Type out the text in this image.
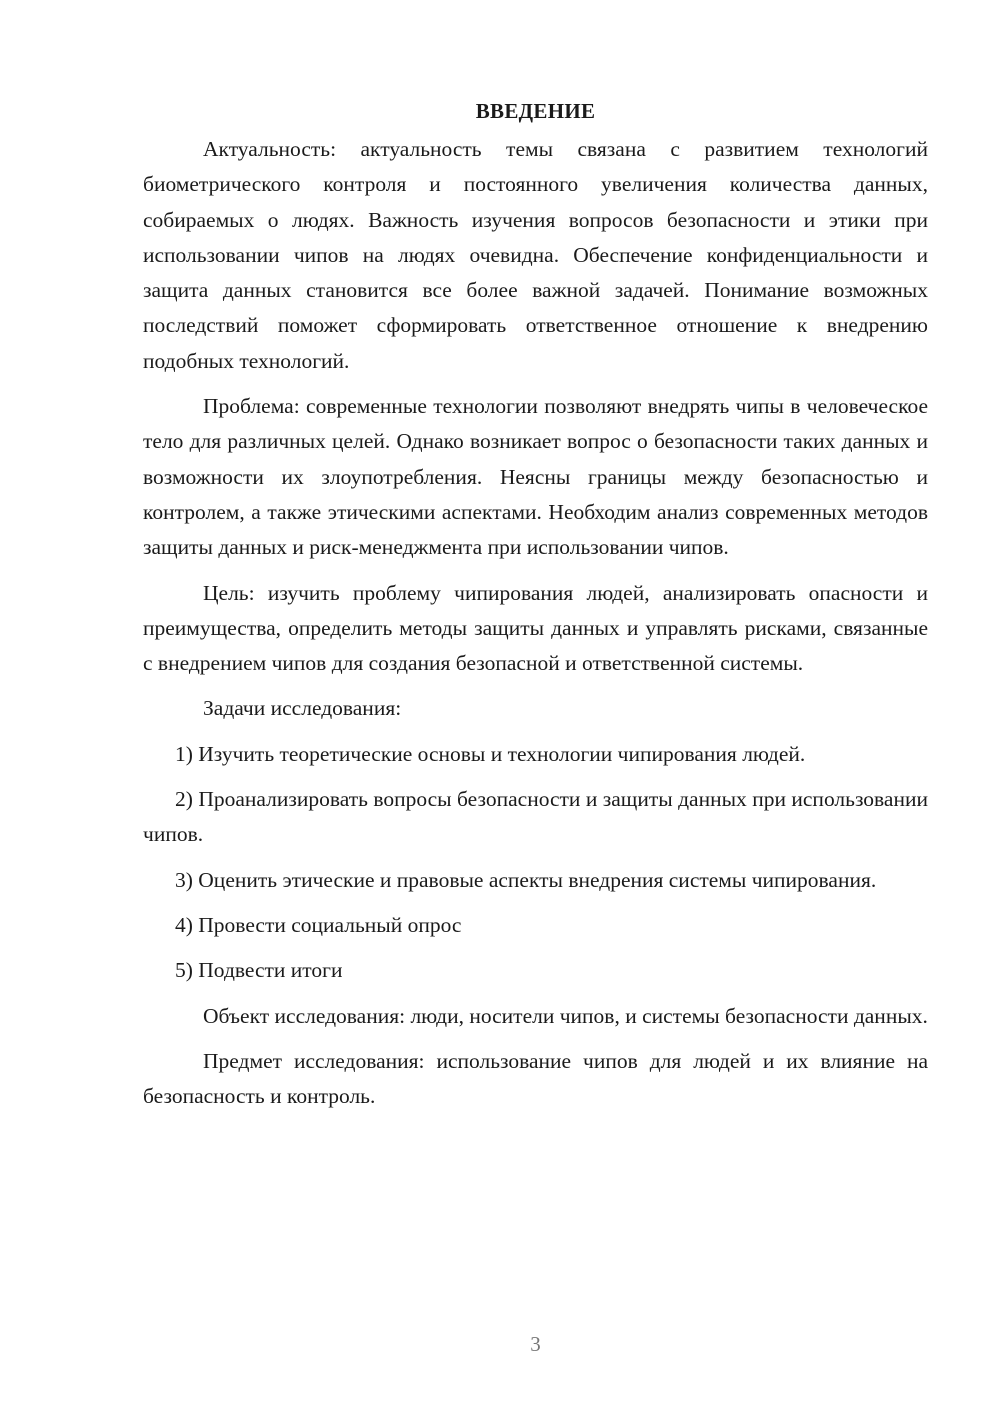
ВВЕДЕНИЕ

Актуальность: актуальность темы связана с развитием технологий биометрического контроля и постоянного увеличения количества данных, собираемых о людях. Важность изучения вопросов безопасности и этики при использовании чипов на людях очевидна. Обеспечение конфиденциальности и защита данных становится все более важной задачей. Понимание возможных последствий поможет сформировать ответственное отношение к внедрению подобных технологий.

Проблема: современные технологии позволяют внедрять чипы в человеческое тело для различных целей. Однако возникает вопрос о безопасности таких данных и возможности их злоупотребления. Неясны границы между безопасностью и контролем, а также этическими аспектами. Необходим анализ современных методов защиты данных и риск-менеджмента при использовании чипов.

Цель: изучить проблему чипирования людей, анализировать опасности и преимущества, определить методы защиты данных и управлять рисками, связанные с внедрением чипов для создания безопасной и ответственной системы.

Задачи исследования:

1) Изучить теоретические основы и технологии чипирования людей.

2) Проанализировать вопросы безопасности и защиты данных при использовании чипов.

3) Оценить этические и правовые аспекты внедрения системы чипирования.

4) Провести социальный опрос

5) Подвести итоги

Объект исследования: люди, носители чипов, и системы безопасности данных.

Предмет исследования: использование чипов для людей и их влияние на безопасность и контроль.

3
